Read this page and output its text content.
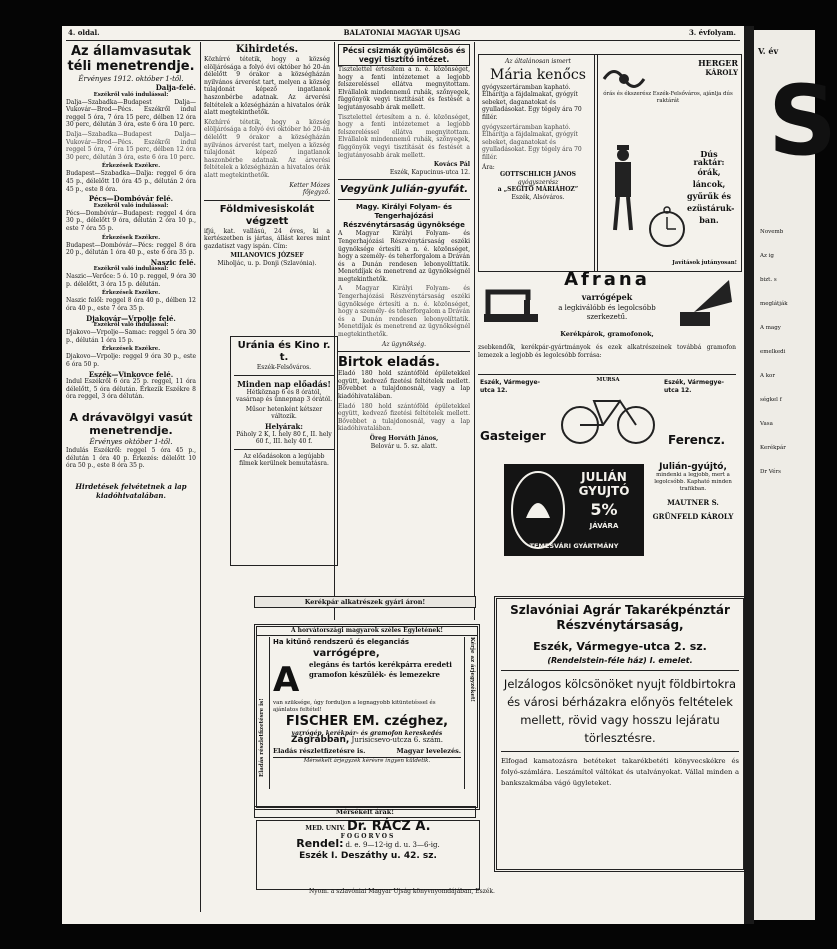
4. oldal.	BALATONIAI MAGYAR UJSAG	3. évfolyam.
Az államvasutak téli menetrendje.
Érvényes 1912. október 1-től.
Dalja-felé.
Eszékről való indulással:

Dalja—Szabadka—Budapest Dalja—Vukovár—Brod—Pécs. Eszékről indul reggel 5 óra, 7 óra 15 perc, délben 12 óra 30 perc, délután 3 óra, este 6 óra 10 perc.

Dalja—Szabadka—Budapest Dalja—Vukovár—Brod—Pécs. Eszékről indul reggel 5 óra, 7 óra 15 perc, délben 12 óra 30 perc, délután 3 óra, este 6 óra 10 perc.

Érkezések Eszékre.

Budapest—Szabadka—Dalja: reggel 6 óra 45 p., délelőtt 10 óra 45 p., délután 2 óra 45 p., este 8 óra.

Pécs—Dombóvár felé.
Eszékről való indulással:

Pécs—Dombóvár—Budapest: reggel 4 óra 30 p., délelőtt 9 óra, délután 2 óra 10 p., este 7 óra 55 p.

Érkezések Eszékre.

Budapest—Dombóvár—Pécs: reggel 8 óra 20 p., délután 1 óra 40 p., este 6 óra 35 p.

Naszic felé.
Eszékről való indulással:

Naszic—Verőce: 5 ó. 10 p. reggel, 9 óra 30 p. délelőtt, 3 óra 15 p. délután.

Érkezések Eszékre.

Naszic felől: reggel 8 óra 40 p., délben 12 óra 40 p., este 7 óra 35 p.

Djakovár—Vrpolje felé.
Eszékről való indulással:

Djakovo—Vrpolje—Samac: reggel 5 óra 30 p., délután 1 óra 15 p.

Érkezések Eszékre.

Djakovo—Vrpolje: reggel 9 óra 30 p., este 6 óra 50 p.

Eszék—Vinkovce felé.

Indul Eszékről 6 óra 25 p. reggel, 11 óra délelőtt, 5 óra délután. Érkezik Eszékre 8 óra reggel, 3 óra délután.

A drávavölgyi vasút menetrendje.
Érvényes október 1-től.

Indulás Eszékről: reggel 5 óra 45 p., délután 1 óra 40 p. Érkezés: délelőtt 10 óra 50 p., este 8 óra 35 p.

Hirdetések felvétetnek a lap kiadóhivatalában.
Kihirdetés.

Közhírré tétetik, hogy a község elöljárósága a folyó évi október hó 20-án délelőtt 9 órakor a községházán nyilvános árverést tart, melyen a község tulajdonát képező ingatlanok haszonbérbe adatnak. Az árverési feltételek a községházán a hivatalos órák alatt megtekinthetők.

Közhírré tétetik, hogy a község elöljárósága a folyó évi október hó 20-án délelőtt 9 órakor a községházán nyilvános árverést tart, melyen a község tulajdonát képező ingatlanok haszonbérbe adatnak. Az árverési feltételek a községházán a hivatalos órák alatt megtekinthetők.

Ketter Mózes
főjegyző.
Földmivesiskolát végzett

ifjú, kat. vallású, 24 éves, ki a kertészetben is jártas, állást keres mint gazdatiszt vagy ispán. Cím:

MILANOVICS JÓZSEF
Miholjác, u. p. Donji (Szlavónia).
Uránia és Kino r. t.
Eszék-Felsőváros.
Minden nap előadás!

Hétköznap 6 és 8 órától, vasárnap és ünnepnap 3 órától.

Műsor hetenként kétszer változik.

Helyárak:

Páholy 2 K, I. hely 80 f., II. hely 60 f., III. hely 40 f.

Az előadásokon a legújabb filmek kerülnek bemutatásra.

Pécsi csizmák gyümölcsös és vegyi tisztító intézet.

Tisztelettel értesítem a n. é. közönséget, hogy a fenti intézetemet a legjobb felszereléssel ellátva megnyitottam. Elvállalok mindennemű ruhák, szőnyegek, függönyök vegyi tisztítását és festését a legjutányosabb árak mellett.

Tisztelettel értesítem a n. é. közönséget, hogy a fenti intézetemet a legjobb felszereléssel ellátva megnyitottam. Elvállalok mindennemű ruhák, szőnyegek, függönyök vegyi tisztítását és festését a legjutányosabb árak mellett.

Kovács Pál
Eszék, Kapucinus-utca 12.
Vegyünk Julián-gyufát.
Magy. Királyi Folyam- és Tengerhajózási Részvénytársaság ügynöksége

A Magyar Királyi Folyam- és Tengerhajózási Részvénytársaság eszéki ügynöksége értesíti a n. é. közönséget, hogy a személy- és teherforgalom a Dráván és a Dunán rendesen lebonyolíttatik. Menetdíjak és menetrend az ügynökségnél megtekinthetők.

A Magyar Királyi Folyam- és Tengerhajózási Részvénytársaság eszéki ügynöksége értesíti a n. é. közönséget, hogy a személy- és teherforgalom a Dráván és a Dunán rendesen lebonyolíttatik. Menetdíjak és menetrend az ügynökségnél megtekinthetők.

Az ügynökség.
Birtok eladás.

Eladó 180 hold szántóföld épületekkel együtt, kedvező fizetési feltételek mellett. Bővebbet a tulajdonosnál, vagy a lap kiadóhivatalában.

Eladó 180 hold szántóföld épületekkel együtt, kedvező fizetési feltételek mellett. Bővebbet a tulajdonosnál, vagy a lap kiadóhivatalában.

Öreg Horváth János,
Belovár u. 5. sz. alatt.
Az általánosan ismert
Mária kenőcs

gyógyszertáramban kapható. Elhárítja a fájdalmakat, gyógyít sebeket, daganatokat és gyulladásokat. Egy tégely ára 70 fillér.

gyógyszertáramban kapható. Elhárítja a fájdalmakat, gyógyít sebeket, daganatokat és gyulladásokat. Egy tégely ára 70 fillér.

Ára:
GOTTSCHLICH JÁNOS
gyógyszerész
a „SEGÍTŐ MÁRIÁHOZ”
Eszék, Alsóváros.
HERGER
KÁROLY

órás és ékszerész Eszék-Felsőváros, ajánlja dús raktárát

Dús raktár:
órák, láncok, gyűrűk és ezüstáruk-ban.
Javítások jutányosan!
Afrana
varrógépek
a legkiválóbb és legolcsóbb szerkezetű.
Kerékpárok, gramofonok,
zsebkendők, kerékpár-gyártmányok és ezek alkatrészeinek továbbá gramofon lemezek a legjobb és legolcsóbb forrása:
Eszék, Vármegye-utca 12.
Gasteiger
MURSA	Eszék, Vármegye-utca 12.
Ferencz.
JULIÁN GYUJTÓ
5%
JÁVÁRA
TEMESVÁRI GYÁRTMÁNY
Julián-gyújtó,

mindenki a legjobb, mert a legolcsóbb. Kapható minden trafikban.

MAUTNER S.
GRÜNFELD KÁROLY
Szlavóniai Agrár Takarékpénztár Részvénytársaság,
Eszék, Vármegye-utca 2. sz.
(Rendelstein-féle ház) I. emelet.
Jelzálogos kölcsönöket nyujt földbirtokra és városi bérházakra előnyös feltételek mellett, rövid vagy hosszu lejáratu törlesztésre.
Elfogad kamatozásra betéteket takarékbetéti könyvecskékre és folyó-számlára. Leszámítol váltókat és utalványokat. Vállal minden a bankszakmába vágó ügyleteket.
A horvátországi magyarok széles Egyletének!
Eladás részletfizetésre is!
Kérje az árjegyzéket!
Ha kitűnő rendszerű és eleganciás
varrógépre,
A	elegáns és tartós kerékpárra eredeti gramofon készülék- és lemezekre
van szüksége, úgy forduljon a legnagyobb kitüntetéssel és ajánlatos feltétel!
FISCHER EM. czéghez,
varrógép, kerékpár- és gramofon kereskedés
Zágrábban, Jurisicsevo-utcza 6. szám.
Eladás részletfizetésre is.	Magyar levelezés.
Mérsékelt árjegyzék kérésre ingyen küldetik.
Kerékpár alkatrészek gyári áron!
Mérsékelt árak!
MED. UNIV. Dr. RÁCZ A.
FOGORVOS
Rendel: d. e. 9—12-ig d. u. 3—6-ig.
Eszék I. Deszáthy u. 42. sz.
Nyom. a szlavóniai Magyar Ujság könyvnyomdájában, Eszék.
V. év
S
Novemb
Az ig
bizt. s
meglátják
A magy
emelkedi
A kor
ségkel f
Vasa
Kerékpár
Dr Vérs
